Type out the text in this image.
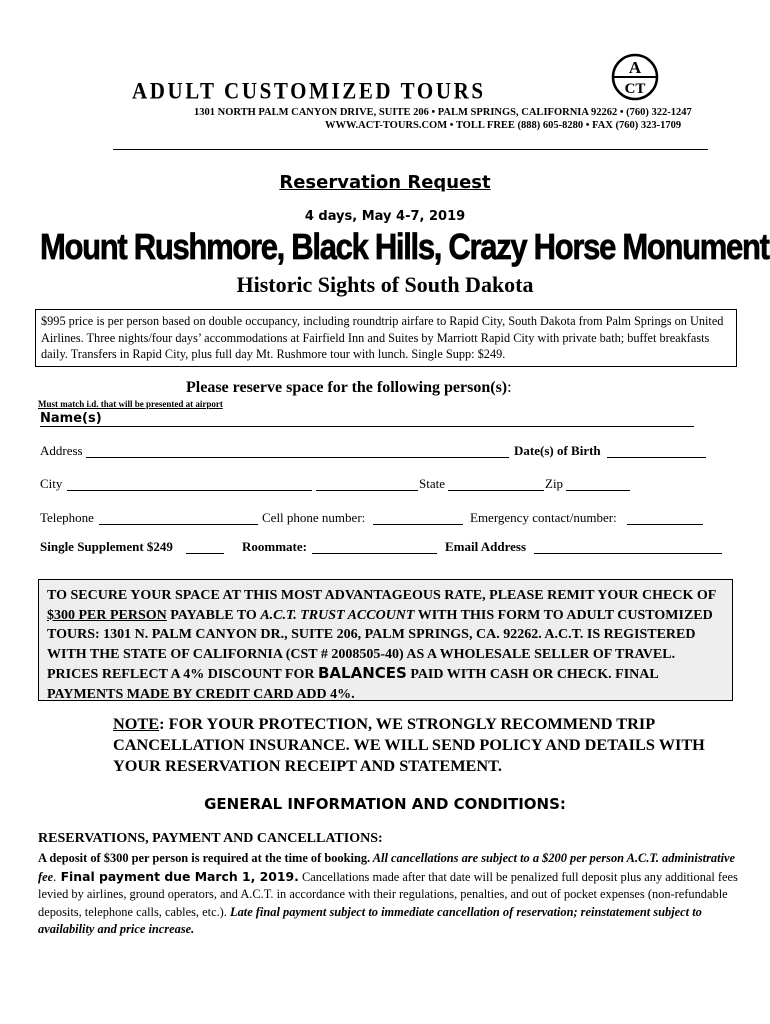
ADULT CUSTOMIZED TOURS
A
CT
1301 NORTH PALM CANYON DRIVE, SUITE 206 • PALM SPRINGS, CALIFORNIA 92262 • (760) 322-1247
WWW.ACT-TOURS.COM • TOLL FREE (888) 605-8280 • FAX (760) 323-1709
Reservation Request
4 days, May 4-7, 2019
Mount Rushmore, Black Hills, Crazy Horse Monument
Historic Sights of South Dakota
$995 price is per person based on double occupancy, including roundtrip airfare to Rapid City, South Dakota from Palm Springs on United Airlines. Three nights/four days’ accommodations at Fairfield Inn and Suites by Marriott Rapid City with private bath; buffet breakfasts daily. Transfers in Rapid City, plus full day Mt. Rushmore tour with lunch. Single Supp: $249.
Please reserve space for the following person(s):
Must match i.d. that will be presented at airport
Name(s)
Address	Date(s) of Birth
City	State	Zip
Telephone	Cell phone number:	Emergency contact/number:
Single Supplement $249	Roommate:	Email Address
TO SECURE YOUR SPACE AT THIS MOST ADVANTAGEOUS RATE, PLEASE REMIT YOUR CHECK OF $300 PER PERSON PAYABLE TO A.C.T. TRUST ACCOUNT WITH THIS FORM TO ADULT CUSTOMIZED TOURS: 1301 N. PALM CANYON DR., SUITE 206, PALM SPRINGS, CA. 92262. A.C.T. IS REGISTERED WITH THE STATE OF CALIFORNIA (CST # 2008505-40) AS A WHOLESALE SELLER OF TRAVEL. PRICES REFLECT A 4% DISCOUNT FOR BALANCES PAID WITH CASH OR CHECK. FINAL PAYMENTS MADE BY CREDIT CARD ADD 4%.
NOTE: FOR YOUR PROTECTION, WE STRONGLY RECOMMEND TRIP CANCELLATION INSURANCE. WE WILL SEND POLICY AND DETAILS WITH YOUR RESERVATION RECEIPT AND STATEMENT.
GENERAL INFORMATION AND CONDITIONS:
RESERVATIONS, PAYMENT AND CANCELLATIONS:
A deposit of $300 per person is required at the time of booking. All cancellations are subject to a $200 per person A.C.T. administrative fee. Final payment due March 1, 2019. Cancellations made after that date will be penalized full deposit plus any additional fees levied by airlines, ground operators, and A.C.T. in accordance with their regulations, penalties, and out of pocket expenses (non-refundable deposits, telephone calls, cables, etc.). Late final payment subject to immediate cancellation of reservation; reinstatement subject to availability and price increase.
